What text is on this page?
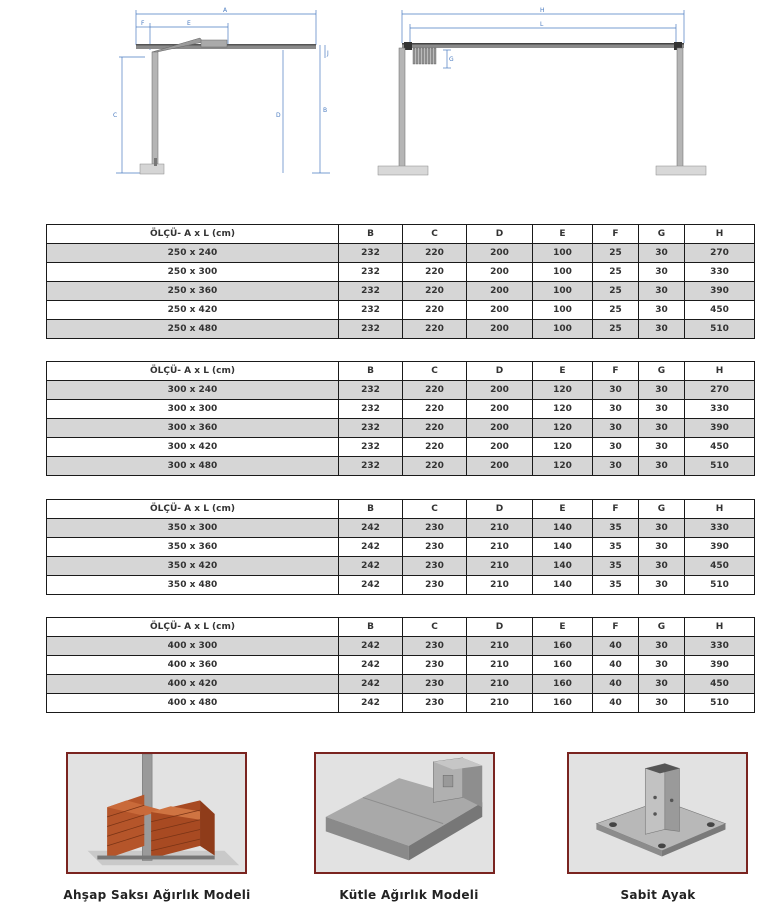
A
F	E
C	D
B
J
H
L
G
ÖLÇÜ- A x L (cm)	B	C	D	E	F	G	H
250 x 240	232	220	200	100	25	30	270
250 x 300	232	220	200	100	25	30	330
250 x 360	232	220	200	100	25	30	390
250 x 420	232	220	200	100	25	30	450
250 x 480	232	220	200	100	25	30	510
ÖLÇÜ- A x L (cm)	B	C	D	E	F	G	H
300 x 240	232	220	200	120	30	30	270
300 x 300	232	220	200	120	30	30	330
300 x 360	232	220	200	120	30	30	390
300 x 420	232	220	200	120	30	30	450
300 x 480	232	220	200	120	30	30	510
ÖLÇÜ- A x L (cm)	B	C	D	E	F	G	H
350 x 300	242	230	210	140	35	30	330
350 x 360	242	230	210	140	35	30	390
350 x 420	242	230	210	140	35	30	450
350 x 480	242	230	210	140	35	30	510
ÖLÇÜ- A x L (cm)	B	C	D	E	F	G	H
400 x 300	242	230	210	160	40	30	330
400 x 360	242	230	210	160	40	30	390
400 x 420	242	230	210	160	40	30	450
400 x 480	242	230	210	160	40	30	510
Ahşap Saksı Ağırlık Modeli	Kütle Ağırlık Modeli	Sabit Ayak
